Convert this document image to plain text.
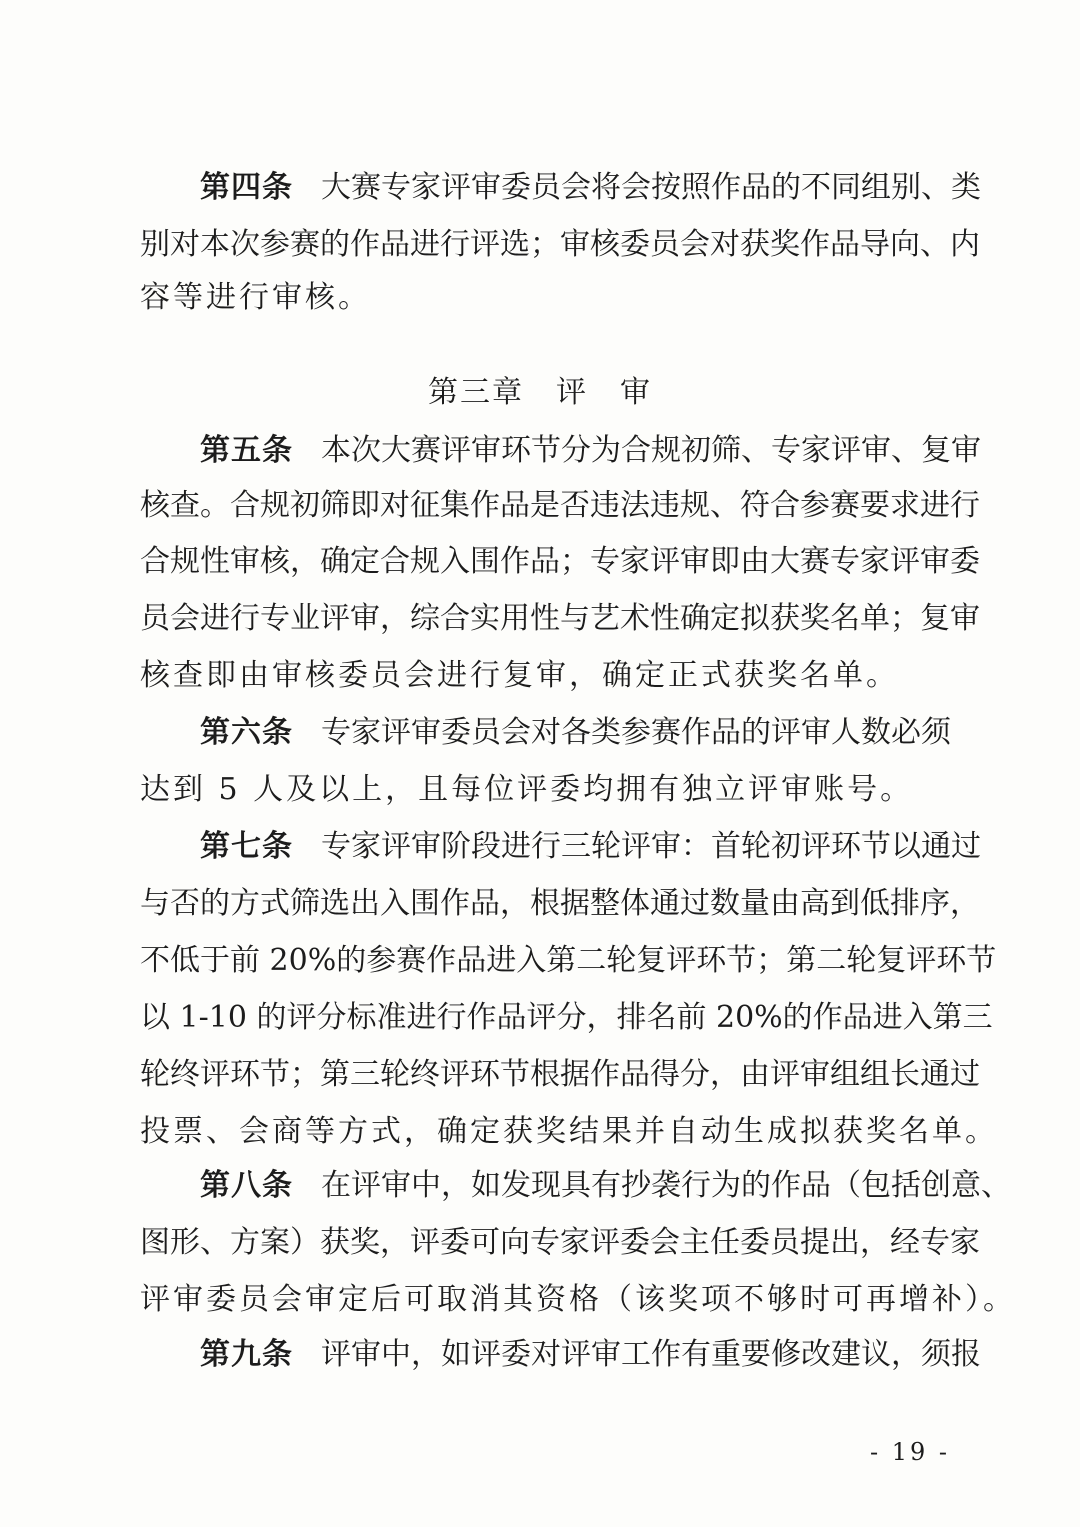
第四条 大赛专家评审委员会将会按照作品的不同组别、类
别对本次参赛的作品进行评选；审核委员会对获奖作品导向、内
容等进行审核。
第三章　评　审
第五条 本次大赛评审环节分为合规初筛、专家评审、复审
核查。合规初筛即对征集作品是否违法违规、符合参赛要求进行
合规性审核，确定合规入围作品；专家评审即由大赛专家评审委
员会进行专业评审，综合实用性与艺术性确定拟获奖名单；复审
核查即由审核委员会进行复审，确定正式获奖名单。
第六条 专家评审委员会对各类参赛作品的评审人数必须
达到 5 人及以上，且每位评委均拥有独立评审账号。
第七条 专家评审阶段进行三轮评审：首轮初评环节以通过
与否的方式筛选出入围作品，根据整体通过数量由高到低排序，
不低于前 20%的参赛作品进入第二轮复评环节；第二轮复评环节
以 1-10 的评分标准进行作品评分，排名前 20%的作品进入第三
轮终评环节；第三轮终评环节根据作品得分，由评审组组长通过
投票、会商等方式，确定获奖结果并自动生成拟获奖名单。
第八条 在评审中，如发现具有抄袭行为的作品（包括创意、
图形、方案）获奖，评委可向专家评委会主任委员提出，经专家
评审委员会审定后可取消其资格（该奖项不够时可再增补）。
第九条 评审中，如评委对评审工作有重要修改建议，须报
- 19 -
